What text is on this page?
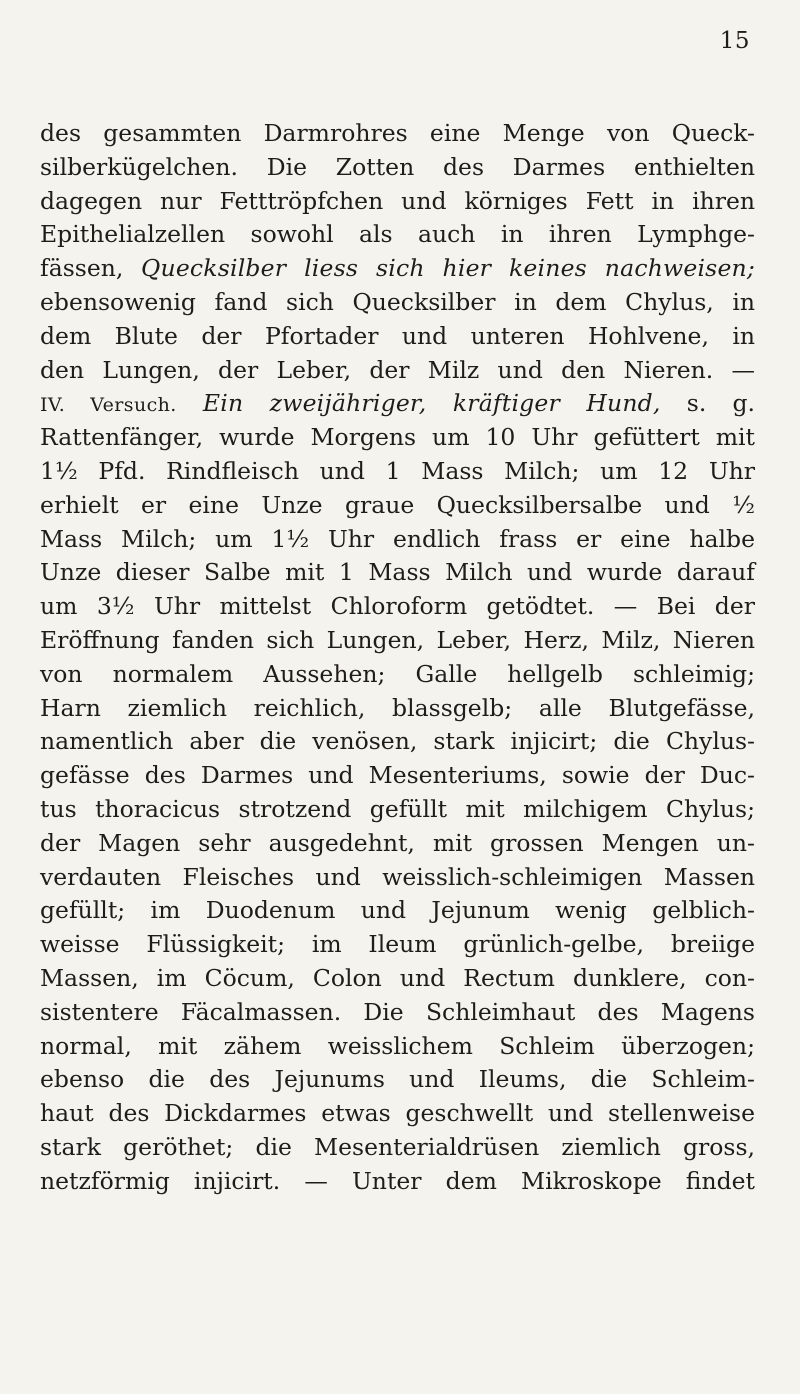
15
des gesammten Darmrohres eine Menge von Queck-
silberkügelchen. Die Zotten des Darmes enthielten
dagegen nur Fetttröpfchen und körniges Fett in ihren
Epithelialzellen sowohl als auch in ihren Lymphge-
fässen, Quecksilber liess sich hier keines nachweisen;
ebensowenig fand sich Quecksilber in dem Chylus, in
dem Blute der Pfortader und unteren Hohlvene, in
den Lungen, der Leber, der Milz und den Nieren. —
IV. Versuch. Ein zweijähriger, kräftiger Hund, s. g.
Rattenfänger, wurde Morgens um 10 Uhr gefüttert mit
1½ Pfd. Rindfleisch und 1 Mass Milch; um 12 Uhr
erhielt er eine Unze graue Quecksilbersalbe und ½
Mass Milch; um 1½ Uhr endlich frass er eine halbe
Unze dieser Salbe mit 1 Mass Milch und wurde darauf
um 3½ Uhr mittelst Chloroform getödtet. — Bei der
Eröffnung fanden sich Lungen, Leber, Herz, Milz, Nieren
von normalem Aussehen; Galle hellgelb schleimig;
Harn ziemlich reichlich, blassgelb; alle Blutgefässe,
namentlich aber die venösen, stark injicirt; die Chylus-
gefässe des Darmes und Mesenteriums, sowie der Duc-
tus thoracicus strotzend gefüllt mit milchigem Chylus;
der Magen sehr ausgedehnt, mit grossen Mengen un-
verdauten Fleisches und weisslich-schleimigen Massen
gefüllt; im Duodenum und Jejunum wenig gelblich-
weisse Flüssigkeit; im Ileum grünlich-gelbe, breiige
Massen, im Cöcum, Colon und Rectum dunklere, con-
sistentere Fäcalmassen. Die Schleimhaut des Magens
normal, mit zähem weisslichem Schleim überzogen;
ebenso die des Jejunums und Ileums, die Schleim-
haut des Dickdarmes etwas geschwellt und stellenweise
stark geröthet; die Mesenterialdrüsen ziemlich gross,
netzförmig injicirt. — Unter dem Mikroskope findet
